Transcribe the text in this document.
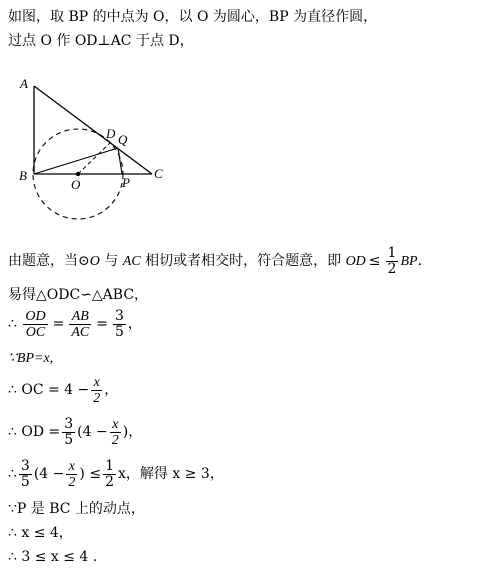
如图，取 BP 的中点为 O，以 O 为圆心，BP 为直径作圆，
过点 O 作 OD⊥AC 于点 D，
A
B	C
D Q
O	P
由题意，当⊙O 与 AC 相切或者相交时，符合题意，即 OD ≤ $\frac{1}{2}$ BP．
易得△ODC∽△ABC，
∴ $\frac{OD}{OC} = \frac{AB}{AC} = \frac{3}{5}$ ，
∵BP=x,
∴ OC = $4 - \frac{x}{2}$ ，
∴ OD = $\frac{3}{5} (4 - \frac{x}{2}$ )，
∴ $\frac{3}{5} (4 - \frac{x}{2}$ ) ≤ $\frac{1}{2}$ x，解得 x ≥ 3，
∵P 是 BC 上的动点，
∴ x ≤ 4，
∴ 3 ≤ x ≤ 4 .
